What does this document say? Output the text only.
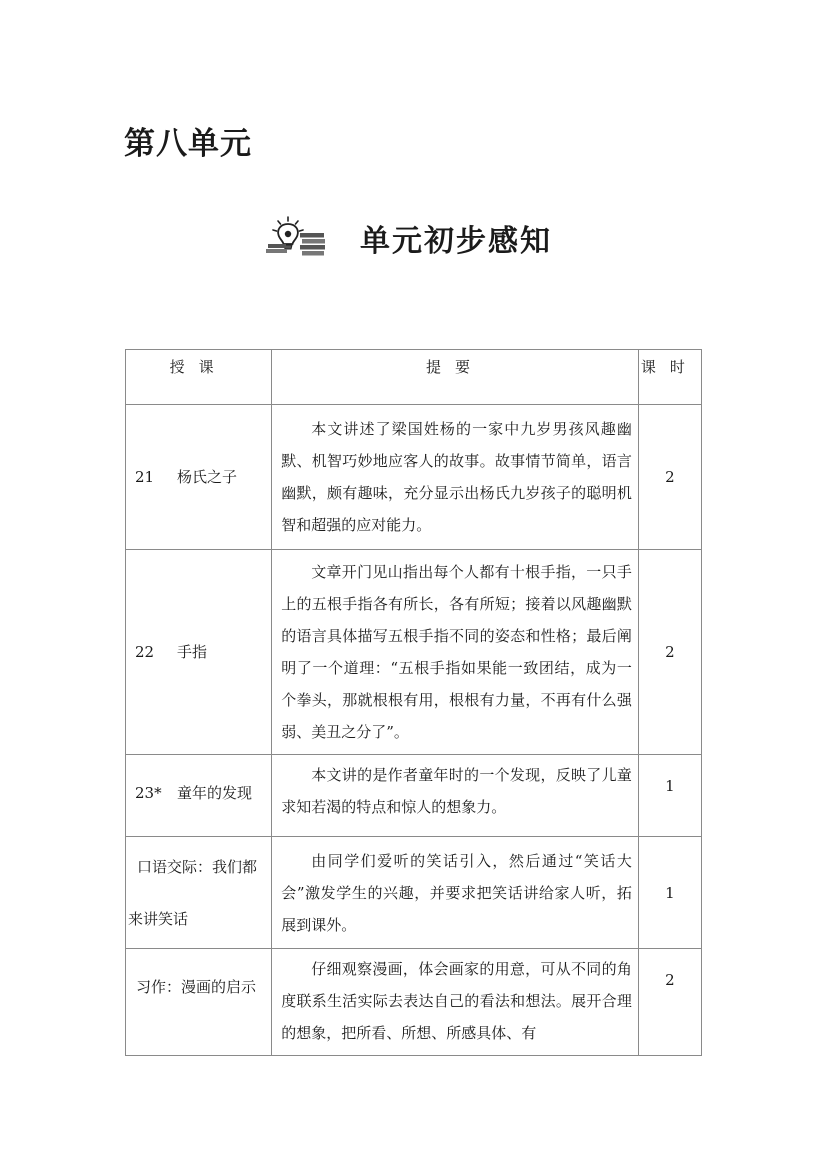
第八单元
单元初步感知
授课	提要	课时
21 杨氏之子	本文讲述了梁国姓杨的一家中九岁男孩风趣幽默、机智巧妙地应客人的故事。故事情节简单，语言幽默，颇有趣味，充分显示出杨氏九岁孩子的聪明机智和超强的应对能力。	2
22 手指	文章开门见山指出每个人都有十根手指，一只手上的五根手指各有所长，各有所短；接着以风趣幽默的语言具体描写五根手指不同的姿态和性格；最后阐明了一个道理：“五根手指如果能一致团结，成为一个拳头，那就根根有用，根根有力量，不再有什么强弱、美丑之分了”。	2
23* 童年的发现	本文讲的是作者童年时的一个发现，反映了儿童求知若渴的特点和惊人的想象力。	1

口语交际：我们都来讲笑话	由同学们爱听的笑话引入，然后通过“笑话大会”激发学生的兴趣，并要求把笑话讲给家人听，拓展到课外。	1
习作：漫画的启示	仔细观察漫画，体会画家的用意，可从不同的角度联系生活实际去表达自己的看法和想法。展开合理的想象，把所看、所想、所感具体、有	2
